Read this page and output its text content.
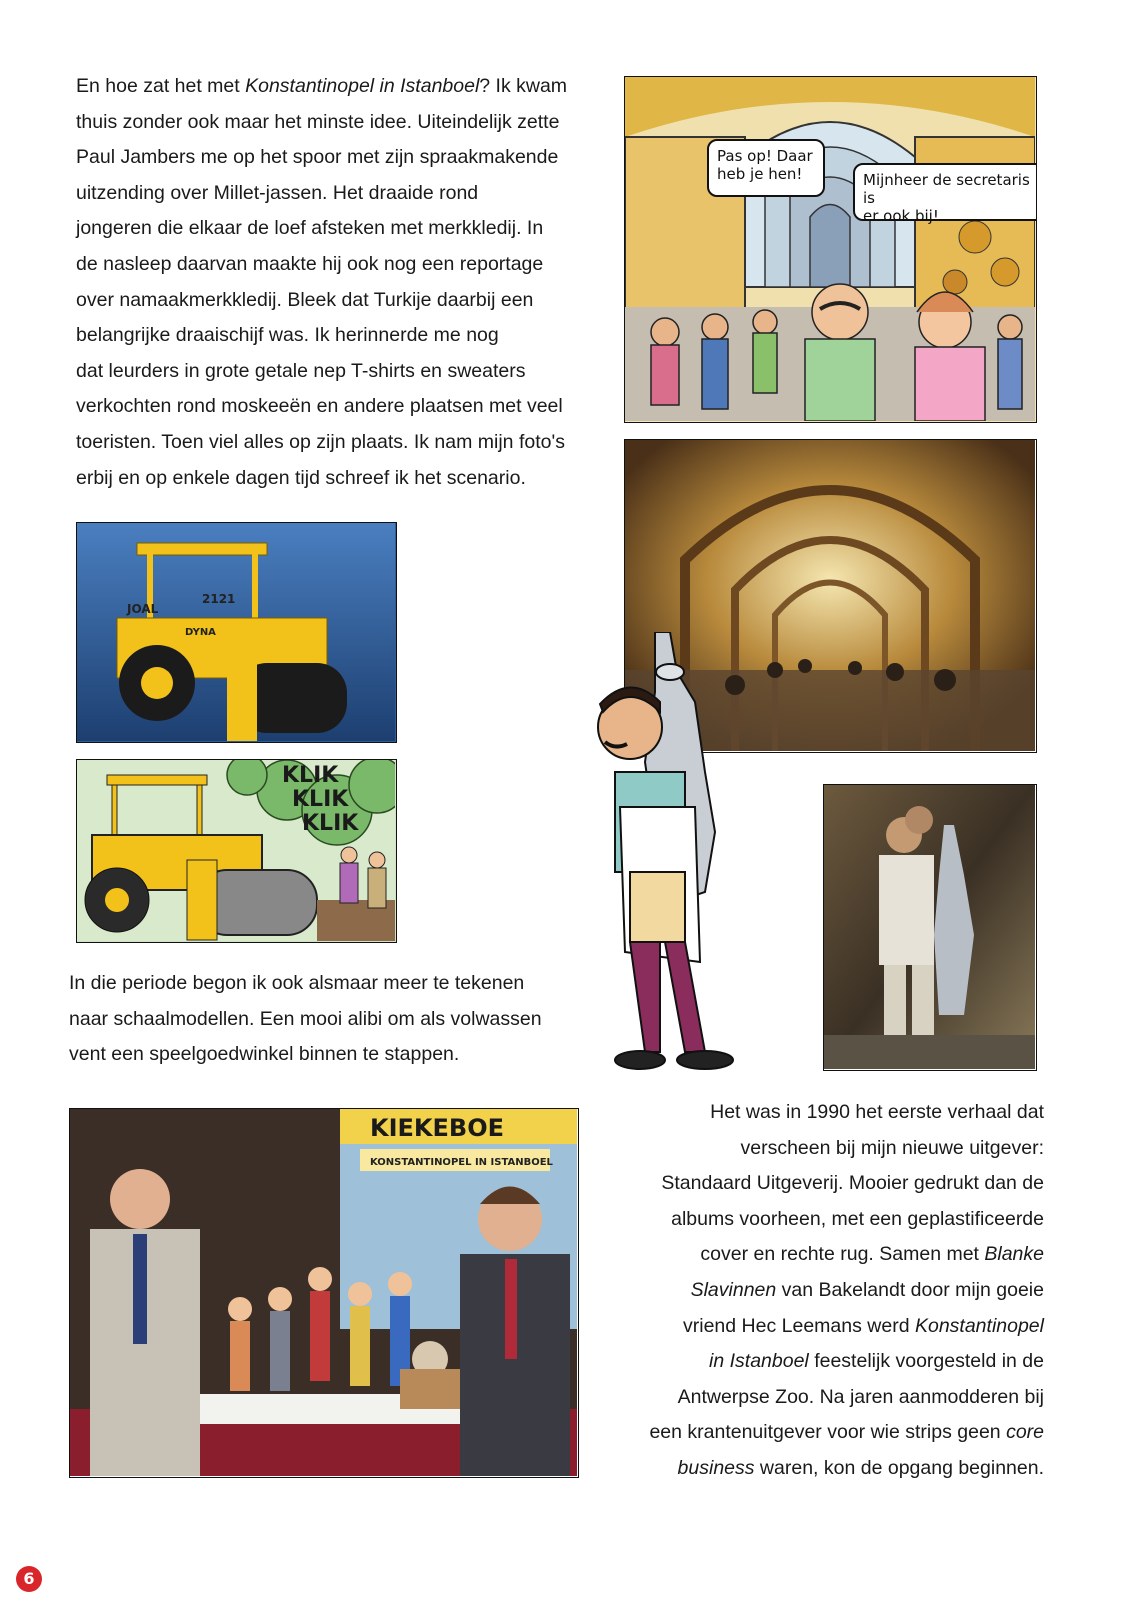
En hoe zat het met Konstantinopel in Istanboel? Ik kwam

thuis zonder ook maar het minste idee. Uiteindelijk zette

Paul Jambers me op het spoor met zijn spraakmakende

uitzending over Millet-jassen. Het draaide rond

jongeren die elkaar de loef afsteken met merkkledij. In

de nasleep daarvan maakte hij ook nog een reportage

over namaakmerkkledij. Bleek dat Turkije daarbij een

belangrijke draaischijf was. Ik herinnerde me nog

dat leurders in grote getale nep T-shirts en sweaters

verkochten rond moskeeën en andere plaatsen met veel

toeristen. Toen viel alles op zijn plaats. Ik nam mijn foto's

erbij en op enkele dagen tijd schreef ik het scenario.

Pas op! Daar
heb je hen!	Mijnheer de secretaris is
er ook bij!
JOAL
2121
DYNA
KLIK
KLIK
KLIK

In die periode begon ik ook alsmaar meer te tekenen

naar schaalmodellen. Een mooi alibi om als volwassen

vent een speelgoedwinkel binnen te stappen.

KIEKEBOE
KONSTANTINOPEL IN ISTANBOEL

Het was in 1990 het eerste verhaal dat

verscheen bij mijn nieuwe uitgever:

Standaard Uitgeverij. Mooier gedrukt dan de

albums voorheen, met een geplastificeerde

cover en rechte rug. Samen met Blanke

Slavinnen van Bakelandt door mijn goeie

vriend Hec Leemans werd Konstantinopel

in Istanboel feestelijk voorgesteld in de

Antwerpse Zoo. Na jaren aanmodderen bij

een krantenuitgever voor wie strips geen core

business waren, kon de opgang beginnen.

6
